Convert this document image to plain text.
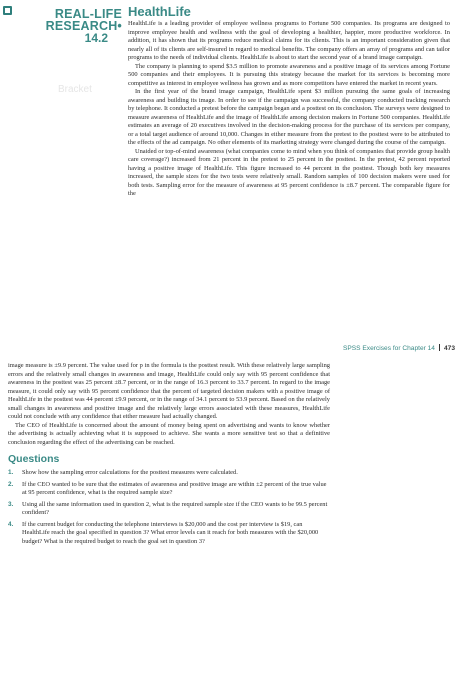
REAL-LIFE
RESEARCH•
14.2
Bracket
HealthLife

HealthLife is a leading provider of employee wellness programs to Fortune 500 companies. Its programs are designed to improve employee health and wellness with the goal of developing a healthier, happier, more productive workforce. In addition, it has shown that its programs reduce medical claims for its clients. This is an important consideration given that nearly all of its clients are self-insured in regard to medical benefits. The company offers an array of programs and can tailor programs to the needs of individual clients. HealthLife is about to start the second year of a brand image campaign.

The company is planning to spend $3.5 million to promote awareness and a positive image of its services among Fortune 500 companies and their employees. It is pursuing this strategy because the market for its services is becoming more competitive as interest in employee wellness has grown and as more competitors have entered the market in recent years.

In the first year of the brand image campaign, HealthLife spent $3 million pursuing the same goals of increasing awareness and building its image. In order to see if the campaign was successful, the company conducted tracking research by telephone. It conducted a pretest before the campaign began and a posttest on its conclusion. The surveys were designed to measure awareness of HealthLife and the image of HealthLife among decision makers in Fortune 500 companies. HealthLife estimates an average of 20 executives involved in the decision-making process for the purchase of its services per company, or a total target audience of around 10,000. Changes in either measure from the pretest to the posttest were to be attributed to the effects of the ad campaign. No other elements of its marketing strategy were changed during the course of the campaign.

Unaided or top-of-mind awareness (what companies come to mind when you think of companies that provide group health care coverage?) increased from 21 percent in the pretest to 25 percent in the posttest. In the pretest, 42 percent reported having a positive image of HealthLife. This figure increased to 44 percent in the posttest. Though both key measures increased, the sample sizes for the two tests were relatively small. Random samples of 100 decision makers were used for both tests. Sampling error for the measure of awareness at 95 percent confidence is ±8.7 percent. The comparable figure for the

SPSS Exercises for Chapter 14 473

image measure is ±9.9 percent. The value used for p in the formula is the posttest result. With these relatively large sampling errors and the relatively small changes in awareness and image, HealthLife could only say with 95 percent confidence that awareness in the posttest was 25 percent ±8.7 percent, or in the range of 16.3 percent to 33.7 percent. In regard to the image measure, it could only say with 95 percent confidence that the percent of targeted decision makers with a positive image of HealthLife in the posttest was 44 percent ±9.9 percent, or in the range of 34.1 percent to 53.9 percent. Based on the relatively small changes in awareness and positive image and the relatively large errors associated with these measures, HealthLife could not conclude with any confidence that either measure had actually changed.

The CEO of HealthLife is concerned about the amount of money being spent on advertising and wants to know whether the advertising is actually achieving what it is supposed to achieve. She wants a more sensitive test so that a definitive conclusion regarding the effect of the advertising can be reached.

Questions
1. Show how the sampling error calculations for the posttest measures were calculated.
2. If the CEO wanted to be sure that the estimates of awareness and positive image are within ±2 percent of the true value at 95 percent confidence, what is the required sample size?
3. Using all the same information used in question 2, what is the required sample size if the CEO wants to be 99.5 percent confident?
4. If the current budget for conducting the telephone interviews is $20,000 and the cost per interview is $19, can HealthLife reach the goal specified in question 3? What error levels can it reach for both measures with the $20,000 budget? What is the required budget to reach the goal set in question 3?
